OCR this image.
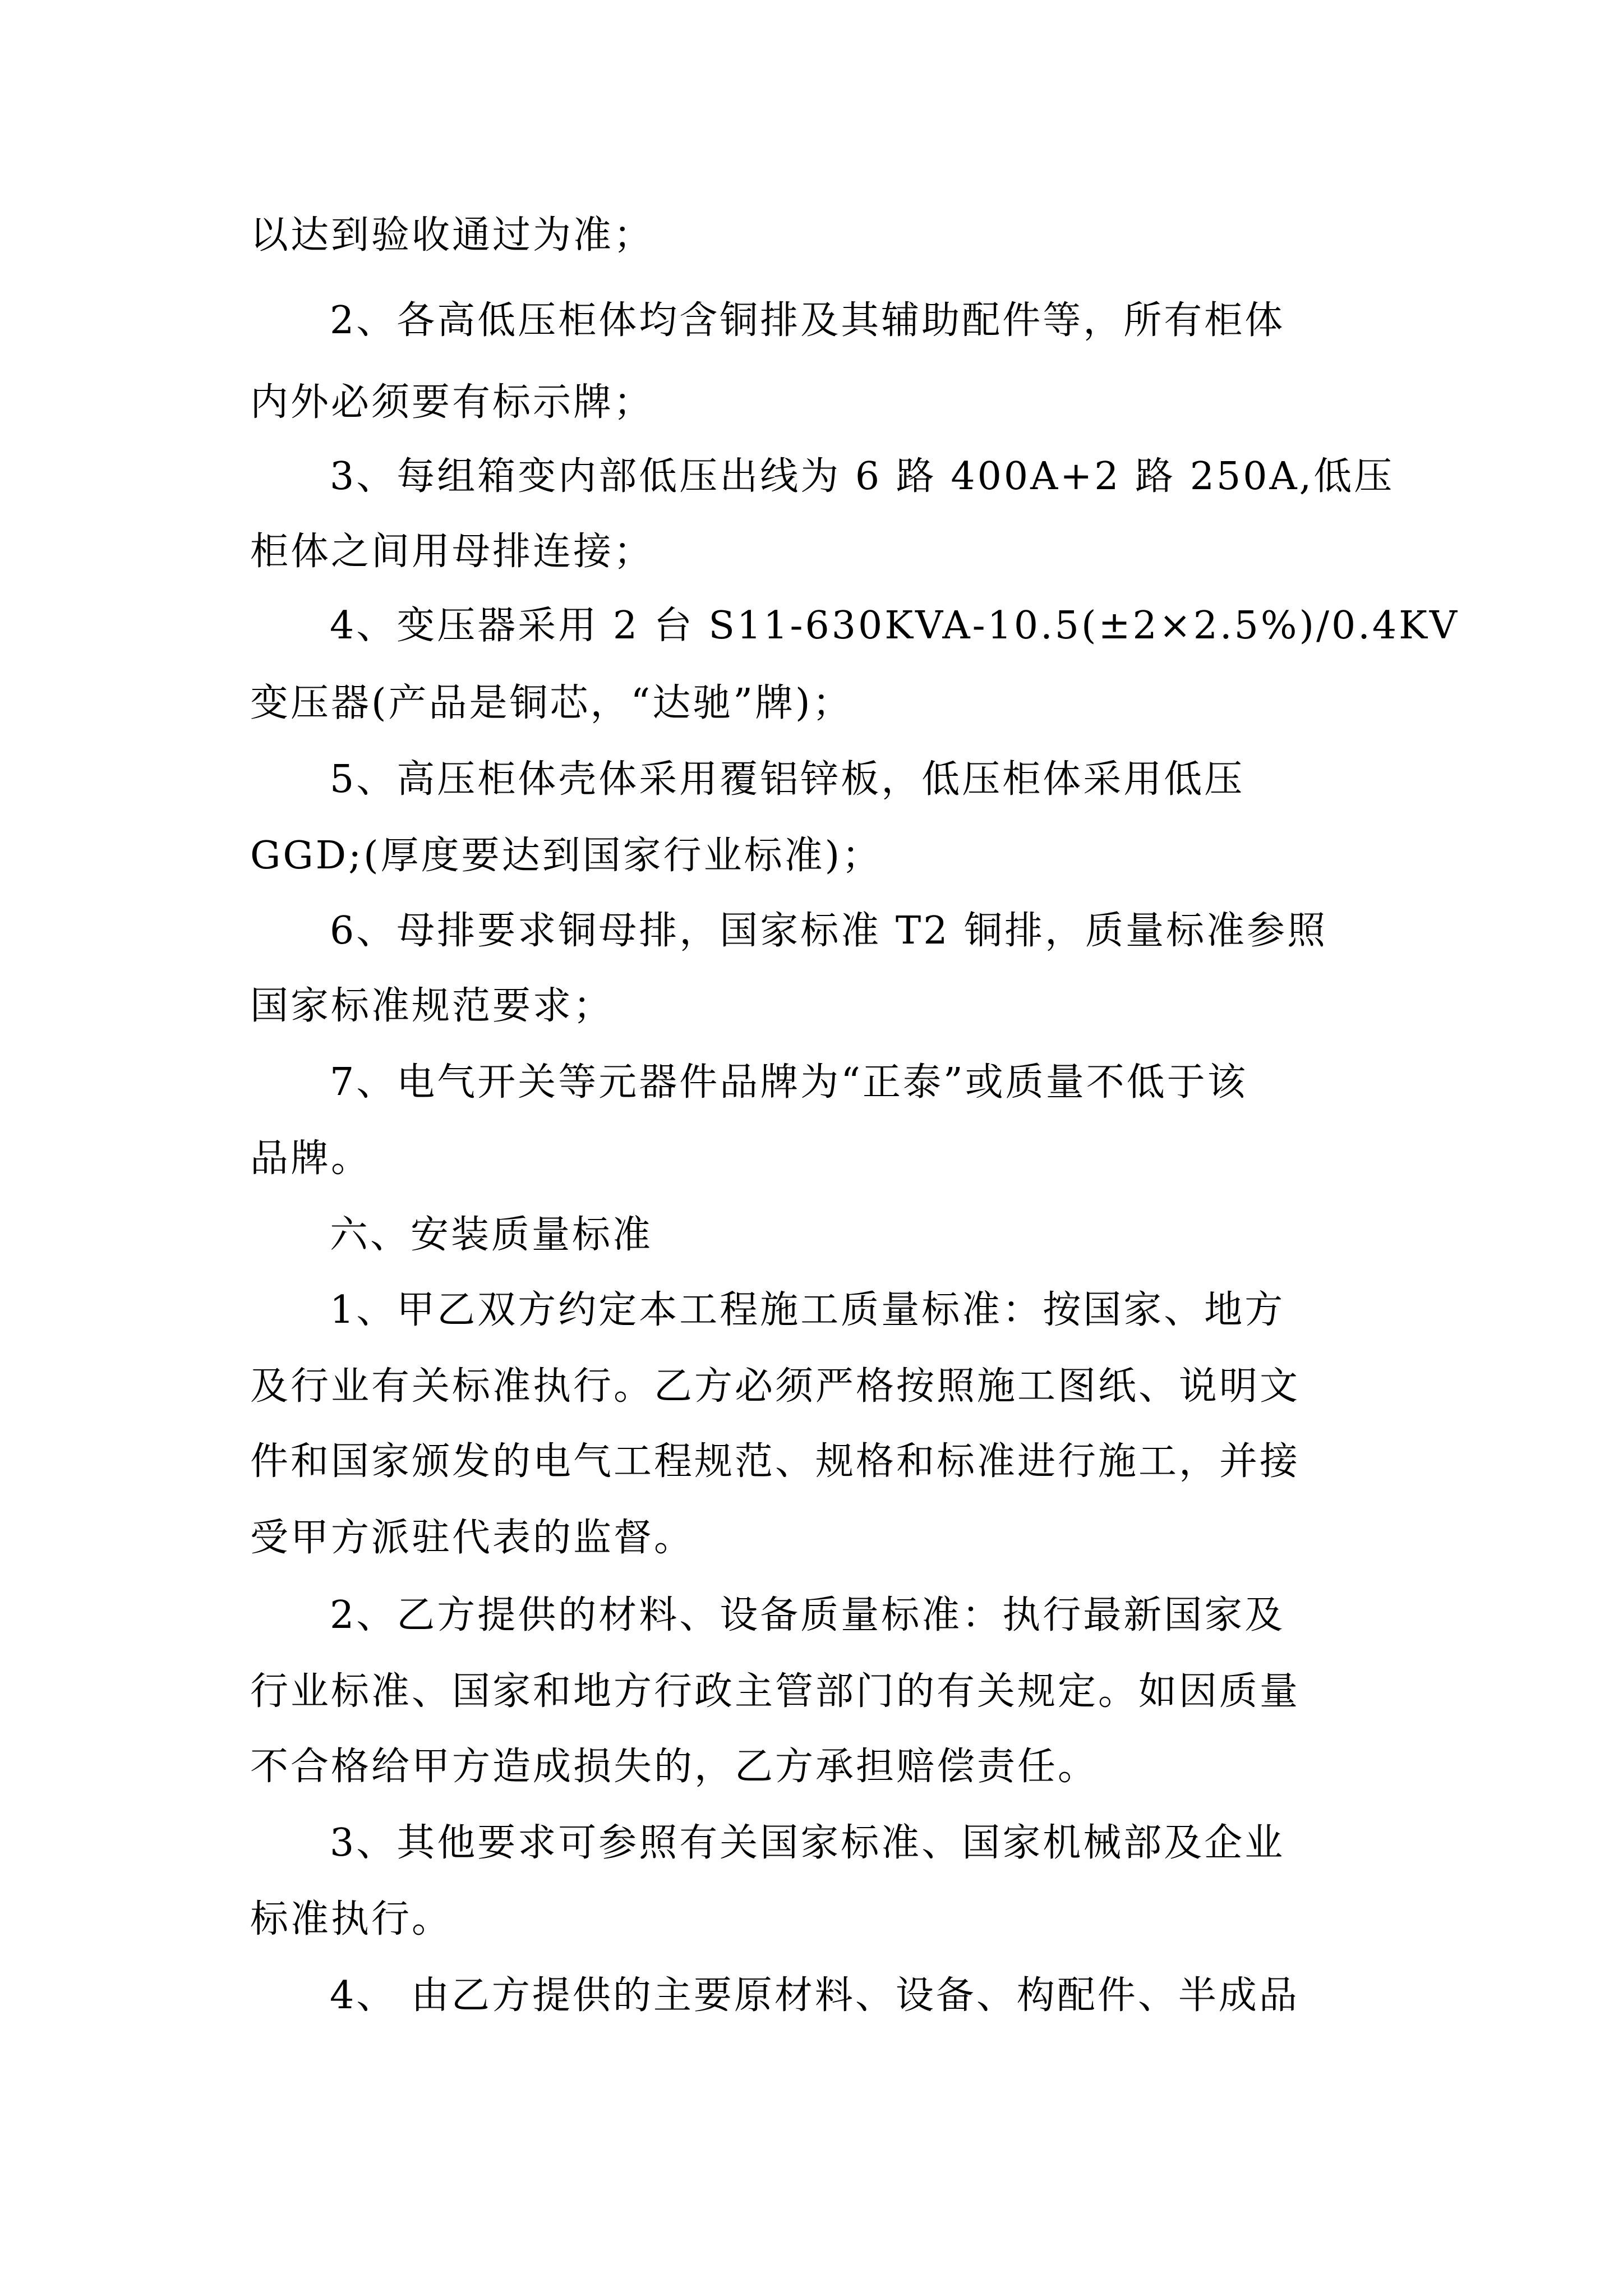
以达到验收通过为准；
2、各高低压柜体均含铜排及其辅助配件等，所有柜体
内外必须要有标示牌；
3、每组箱变内部低压出线为 6 路 400A+2 路 250A,低压
柜体之间用母排连接；
4、变压器采用 2 台 S11-630KVA-10.5(±2×2.5%)/0.4KV
变压器(产品是铜芯，“达驰”牌)；
5、高压柜体壳体采用覆铝锌板，低压柜体采用低压
GGD;(厚度要达到国家行业标准)；
6、母排要求铜母排，国家标准 T2 铜排，质量标准参照
国家标准规范要求；
7、电气开关等元器件品牌为“正泰”或质量不低于该
品牌。
六、安装质量标准
1、甲乙双方约定本工程施工质量标准：按国家、地方
及行业有关标准执行。乙方必须严格按照施工图纸、说明文
件和国家颁发的电气工程规范、规格和标准进行施工，并接
受甲方派驻代表的监督。
2、乙方提供的材料、设备质量标准：执行最新国家及
行业标准、国家和地方行政主管部门的有关规定。如因质量
不合格给甲方造成损失的，乙方承担赔偿责任。
3、其他要求可参照有关国家标准、国家机械部及企业
标准执行。
4、 由乙方提供的主要原材料、设备、构配件、半成品
